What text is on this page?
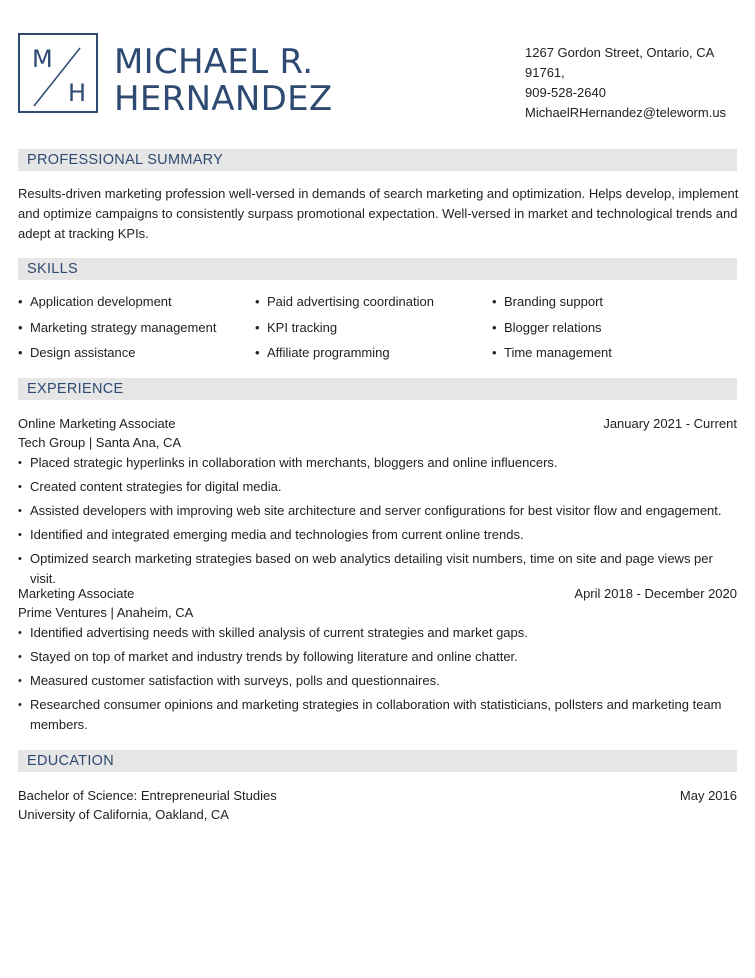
M
H
MICHAEL R.
HERNANDEZ
1267 Gordon Street, Ontario, CA
91761,
909-528-2640
MichaelRHernandez@teleworm.us
PROFESSIONAL SUMMARY
Results-driven marketing profession well-versed in demands of search marketing and optimization. Helps develop, implement and optimize campaigns to consistently surpass promotional expectation. Well-versed in market and technological trends and adept at tracking KPIs.
SKILLS
• Application development	• Paid advertising coordination	• Branding support
• Marketing strategy management	• KPI tracking	• Blogger relations
• Design assistance	• Affiliate programming	• Time management
EXPERIENCE
Online Marketing Associate	January 2021 - Current
Tech Group | Santa Ana, CA
• Placed strategic hyperlinks in collaboration with merchants, bloggers and online influencers.
• Created content strategies for digital media.
• Assisted developers with improving web site architecture and server configurations for best visitor flow and engagement.
• Identified and integrated emerging media and technologies from current online trends.
• Optimized search marketing strategies based on web analytics detailing visit numbers, time on site and page views per visit.
Marketing Associate	April 2018 - December 2020
Prime Ventures | Anaheim, CA
• Identified advertising needs with skilled analysis of current strategies and market gaps.
• Stayed on top of market and industry trends by following literature and online chatter.
• Measured customer satisfaction with surveys, polls and questionnaires.
• Researched consumer opinions and marketing strategies in collaboration with statisticians, pollsters and marketing team members.
EDUCATION
Bachelor of Science: Entrepreneurial Studies	May 2016
University of California, Oakland, CA
